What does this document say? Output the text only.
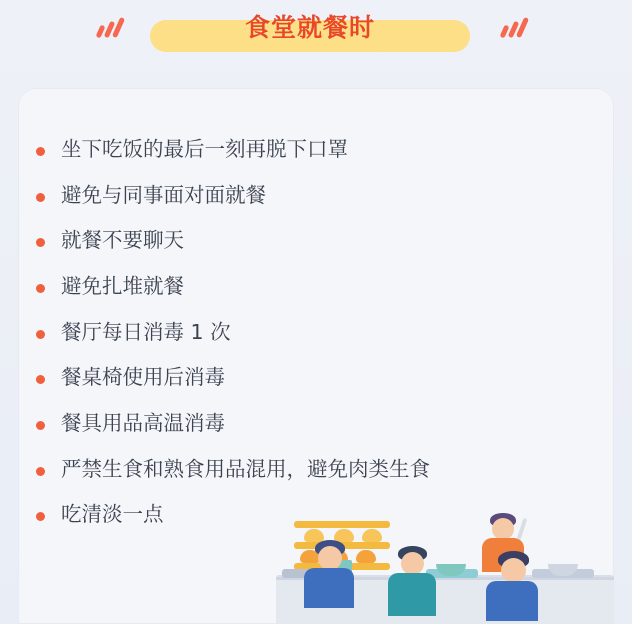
食堂就餐时
坐下吃饭的最后一刻再脱下口罩
避免与同事面对面就餐
就餐不要聊天
避免扎堆就餐
餐厅每日消毒 1 次
餐桌椅使用后消毒
餐具用品高温消毒
严禁生食和熟食用品混用，避免肉类生食
吃清淡一点
